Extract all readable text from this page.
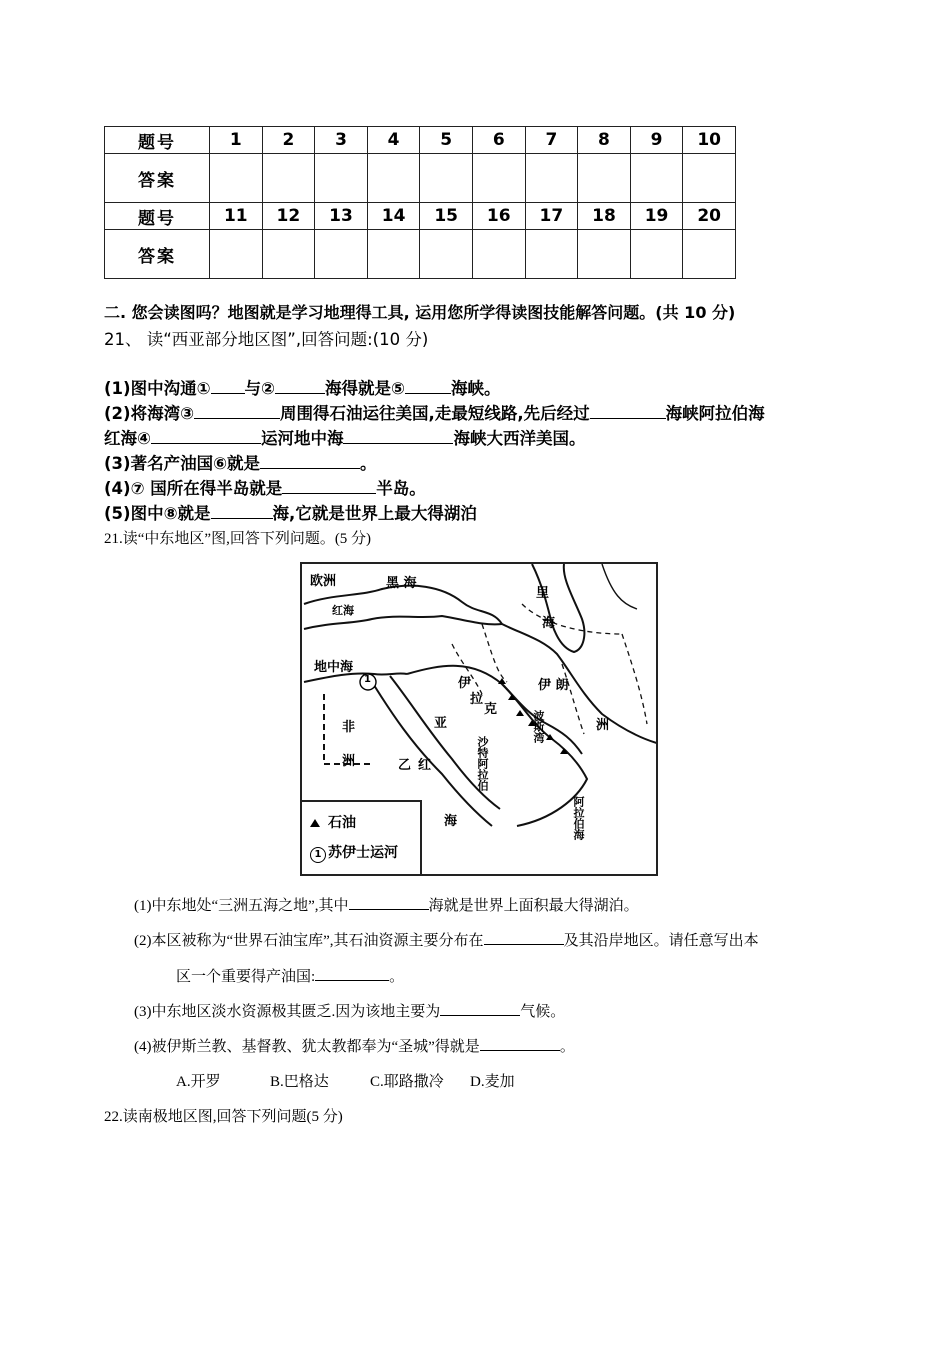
题号	1	2	3	4	5	6	7	8	9	10
答案										
题号	11	12	13	14	15	16	17	18	19	20
答案										
二. 您会读图吗？地图就是学习地理得工具, 运用您所学得读图技能解答问题。(共 10 分)
21、 读“西亚部分地区图”,回答问题:(10 分)
(1)图中沟通① 与②	海得就是⑤	海峡。
(2)将海湾③	周围得石油运往美国,走最短线路,先后经过	海峡阿拉伯海
红海④	运河地中海	海峡大西洋美国。
(3)著名产油国⑥就是	。
(4)⑦ 国所在得半岛就是	半岛。
(5)图中⑧就是	海,它就是世界上最大得湖泊
21.读“中东地区”图,回答下列问题。(5 分)
欧洲	黑 海
红海
地中海
里
海
伊
拉
克
伊 朗
亚	洲
非
洲	沙特阿拉伯
波斯湾
红
乙
海	阿拉伯海
1
石油
1 苏伊士运河
(1)中东地处“三洲五海之地”,其中	海就是世界上面积最大得湖泊。
(2)本区被称为“世界石油宝库”,其石油资源主要分布在	及其沿岸地区。请任意写出本
区一个重要得产油国:	。
(3)中东地区淡水资源极其匮乏.因为该地主要为	气候。
(4)被伊斯兰教、基督教、犹太教都奉为“圣城”得就是	。
A.开罗	B.巴格达	C.耶路撒冷 D.麦加
22.读南极地区图,回答下列问题(5 分)
